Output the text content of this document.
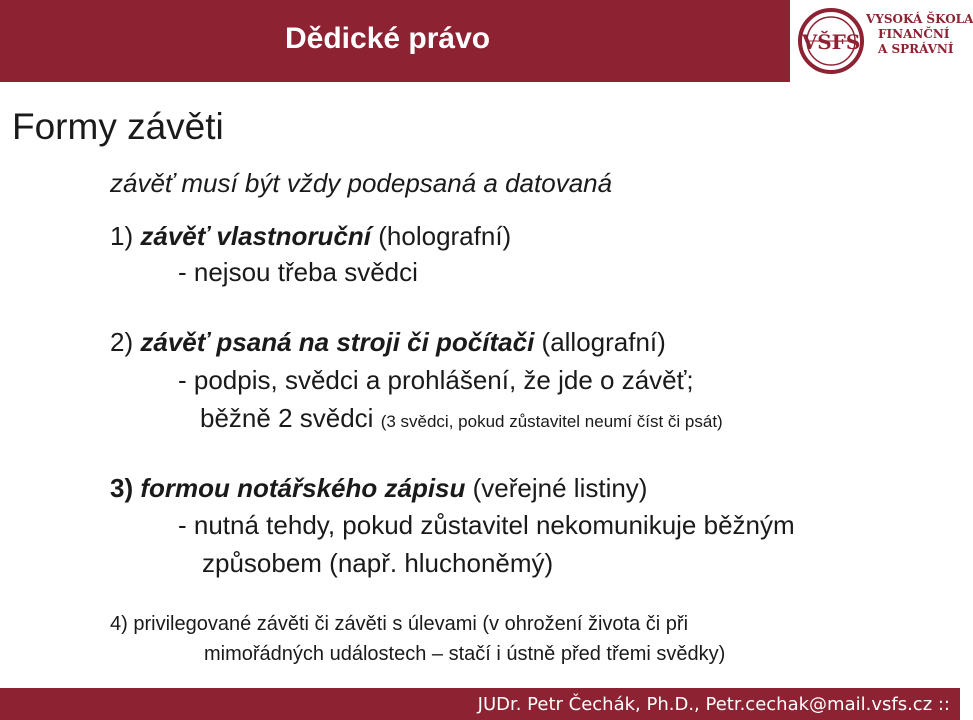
Dědické právo	VŠFS
VYSOKÁ ŠKOLA
FINANČNÍ
A SPRÁVNÍ
Formy závěti
závěť musí být vždy podepsaná a datovaná
1) závěť vlastnoruční (holografní)
- nejsou třeba svědci
2) závěť psaná na stroji či počítači (allografní)
- podpis, svědci a prohlášení, že jde o závěť;
běžně 2 svědci (3 svědci, pokud zůstavitel neumí číst či psát)
3) formou notářského zápisu (veřejné listiny)
- nutná tehdy, pokud zůstavitel nekomunikuje běžným
způsobem (např. hluchoněmý)
4) privilegované závěti či závěti s úlevami (v ohrožení života či při
mimořádných událostech – stačí i ústně před třemi svědky)
JUDr. Petr Čechák, Ph.D., Petr.cechak@mail.vsfs.cz ::
